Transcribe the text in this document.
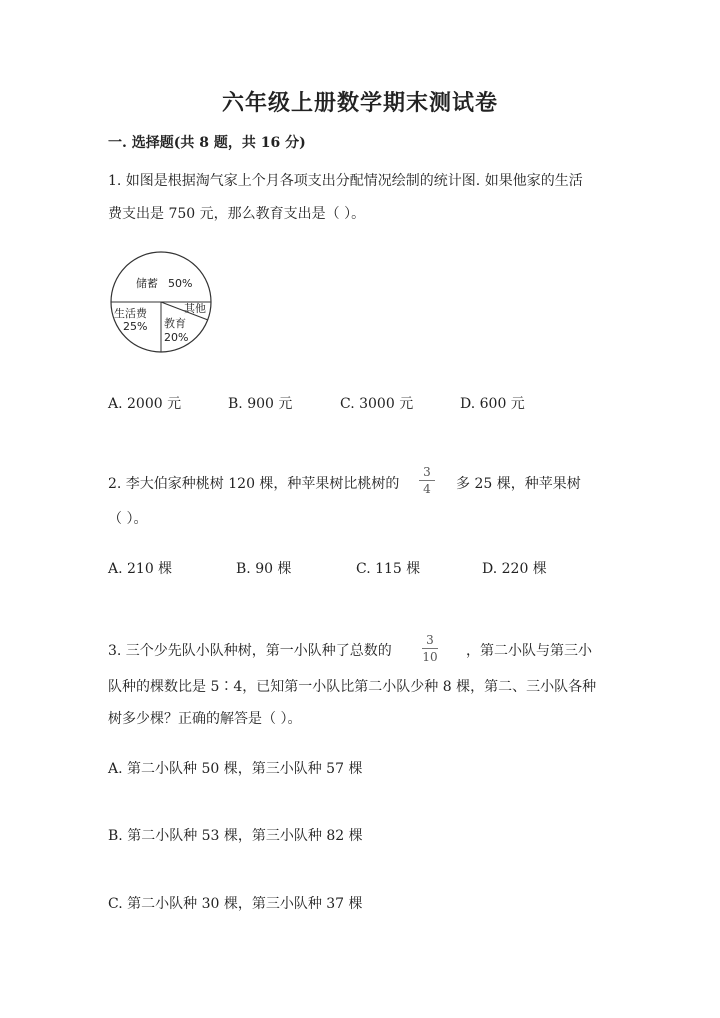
六年级上册数学期末测试卷
一. 选择题(共 8 题，共 16 分)
1. 如图是根据淘气家上个月各项支出分配情况绘制的统计图. 如果他家的生活
费支出是 750 元，那么教育支出是（ ）。
储蓄 50%
生活费
25% 教育
20%
其他
A. 2000 元	B. 900 元	C. 3000 元	D. 600 元
2. 李大伯家种桃树 120 棵，种苹果树比桃树的
3
4	多 25 棵，种苹果树
（ ）。
A. 210 棵	B. 90 棵	C. 115 棵	D. 220 棵
3. 三个少先队小队种树，第一小队种了总数的
3
10 ，第二小队与第三小
队种的棵数比是 5∶4，已知第一小队比第二小队少种 8 棵，第二、三小队各种
树多少棵？正确的解答是（ ）。
A. 第二小队种 50 棵，第三小队种 57 棵
B. 第二小队种 53 棵，第三小队种 82 棵
C. 第二小队种 30 棵，第三小队种 37 棵
